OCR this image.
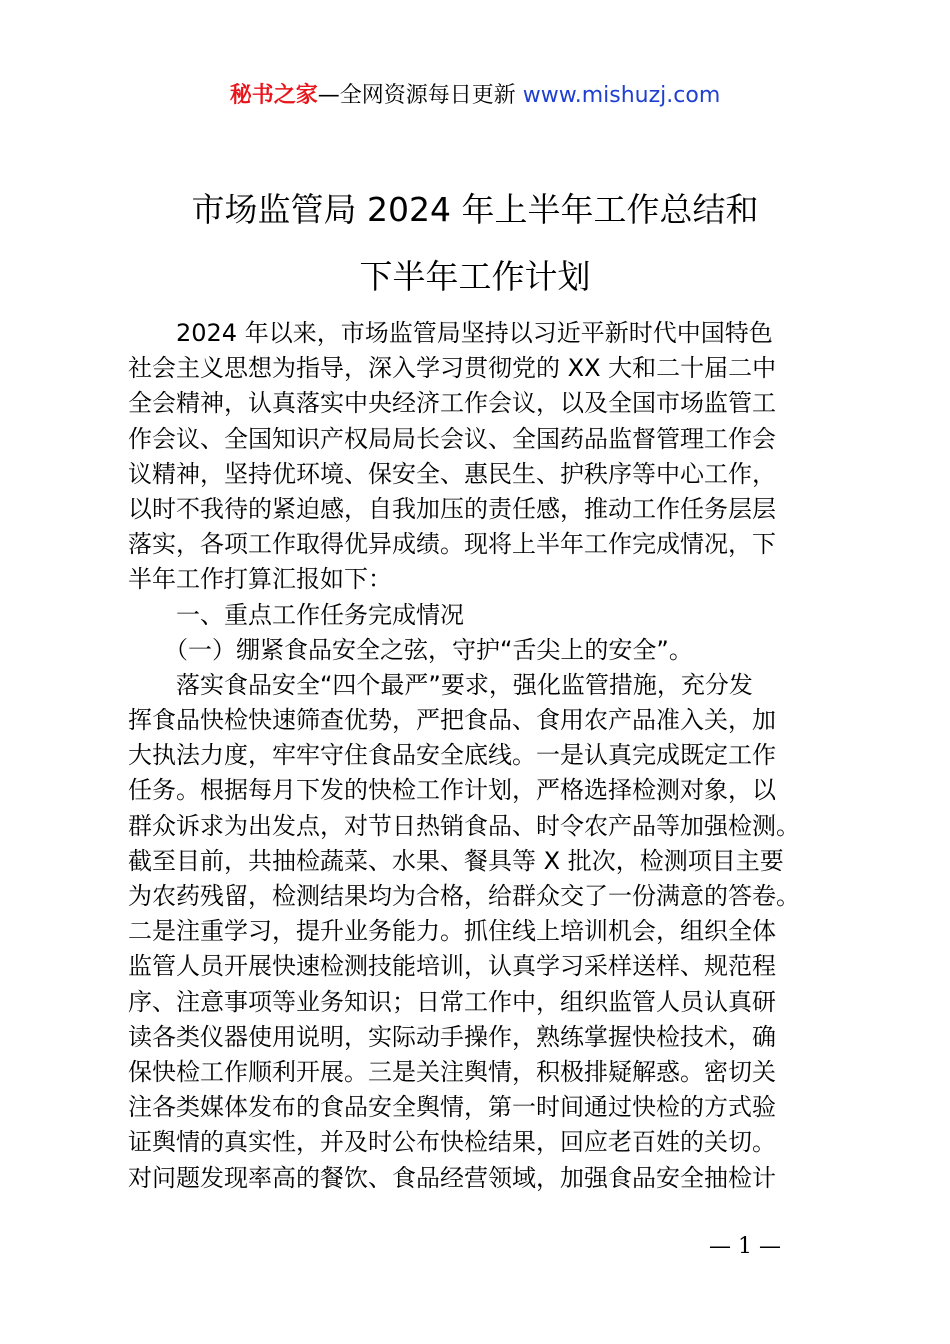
秘书之家—全网资源每日更新 www.mishuzj.com
市场监管局 2024 年上半年工作总结和
下半年工作计划
　　2024 年以来，市场监管局坚持以习近平新时代中国特色
社会主义思想为指导，深入学习贯彻党的 XX 大和二十届二中
全会精神，认真落实中央经济工作会议，以及全国市场监管工
作会议、全国知识产权局局长会议、全国药品监督管理工作会
议精神，坚持优环境、保安全、惠民生、护秩序等中心工作，
以时不我待的紧迫感，自我加压的责任感，推动工作任务层层
落实，各项工作取得优异成绩。现将上半年工作完成情况，下
半年工作打算汇报如下：
　　一、重点工作任务完成情况
　　（一）绷紧食品安全之弦，守护“舌尖上的安全”。
　　落实食品安全“四个最严”要求，强化监管措施，充分发
挥食品快检快速筛查优势，严把食品、食用农产品准入关，加
大执法力度，牢牢守住食品安全底线。一是认真完成既定工作
任务。根据每月下发的快检工作计划，严格选择检测对象，以
群众诉求为出发点，对节日热销食品、时令农产品等加强检测。
截至目前，共抽检蔬菜、水果、餐具等 X 批次，检测项目主要
为农药残留，检测结果均为合格，给群众交了一份满意的答卷。
二是注重学习，提升业务能力。抓住线上培训机会，组织全体
监管人员开展快速检测技能培训，认真学习采样送样、规范程
序、注意事项等业务知识；日常工作中，组织监管人员认真研
读各类仪器使用说明，实际动手操作，熟练掌握快检技术，确
保快检工作顺利开展。三是关注舆情，积极排疑解惑。密切关
注各类媒体发布的食品安全舆情，第一时间通过快检的方式验
证舆情的真实性，并及时公布快检结果，回应老百姓的关切。
对问题发现率高的餐饮、食品经营领域，加强食品安全抽检计
— 1 —
